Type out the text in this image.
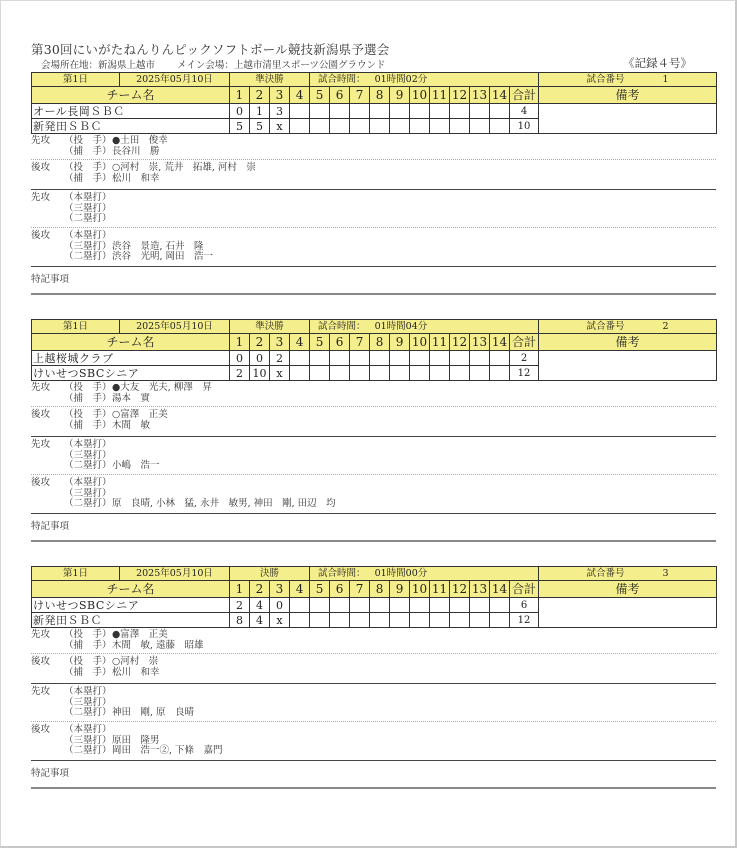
第30回にいがたねんりんピックソフトボール競技新潟県予選会
会場所在地：新潟県上越市 メイン会場：上越市清里スポーツ公園グラウンド	《記録４号》
第1日	2025年05月10日	準決勝				試合時間： 01時間02分											試合番号 1
チーム名		1	2	3	4	5	6	7	8	9	10	11	12	13	14	合計	備考
オール長岡ＳＢＣ		0	1	3												4	
新発田ＳＢＣ		5	5	x												10	
先攻	（投　手） ●土田　俊幸
（捕　手） 長谷川　勝
後攻	（投　手） ○河村　崇, 荒井　拓雄, 河村　崇
（捕　手） 松川　和幸
先攻	（本塁打）
（三塁打）
（二塁打）
後攻	（本塁打）
（三塁打） 渋谷　景造, 石井　隆
（二塁打） 渋谷　光明, 岡田　浩一
特記事項
第1日	2025年05月10日	準決勝				試合時間： 01時間04分											試合番号 2
チーム名		1	2	3	4	5	6	7	8	9	10	11	12	13	14	合計	備考
上越桜城クラブ		0	0	2												2	
けいせつSBCシニア		2	10	x												12	
先攻	（投　手） ●大友　光夫, 柳澤　昇
（捕　手） 湯本　實
後攻	（投　手） ○富澤　正美
（捕　手） 木間　敏
先攻	（本塁打）
（三塁打）
（二塁打） 小嶋　浩一
後攻	（本塁打）
（三塁打）
（二塁打） 原　良晴, 小林　猛, 永井　敏男, 神田　剛, 田辺　均
特記事項
第1日	2025年05月10日	決勝				試合時間： 01時間00分											試合番号 3
チーム名		1	2	3	4	5	6	7	8	9	10	11	12	13	14	合計	備考
けいせつSBCシニア		2	4	0												6	
新発田ＳＢＣ		8	4	x												12	
先攻	（投　手） ●富澤　正美
（捕　手） 木間　敏, 遠藤　昭雄
後攻	（投　手） ○河村　崇
（捕　手） 松川　和幸
先攻	（本塁打）
（三塁打）
（二塁打） 神田　剛, 原　良晴
後攻	（本塁打）
（三塁打） 原田　隆男
（二塁打） 岡田　浩一②, 下條　嘉門
特記事項
